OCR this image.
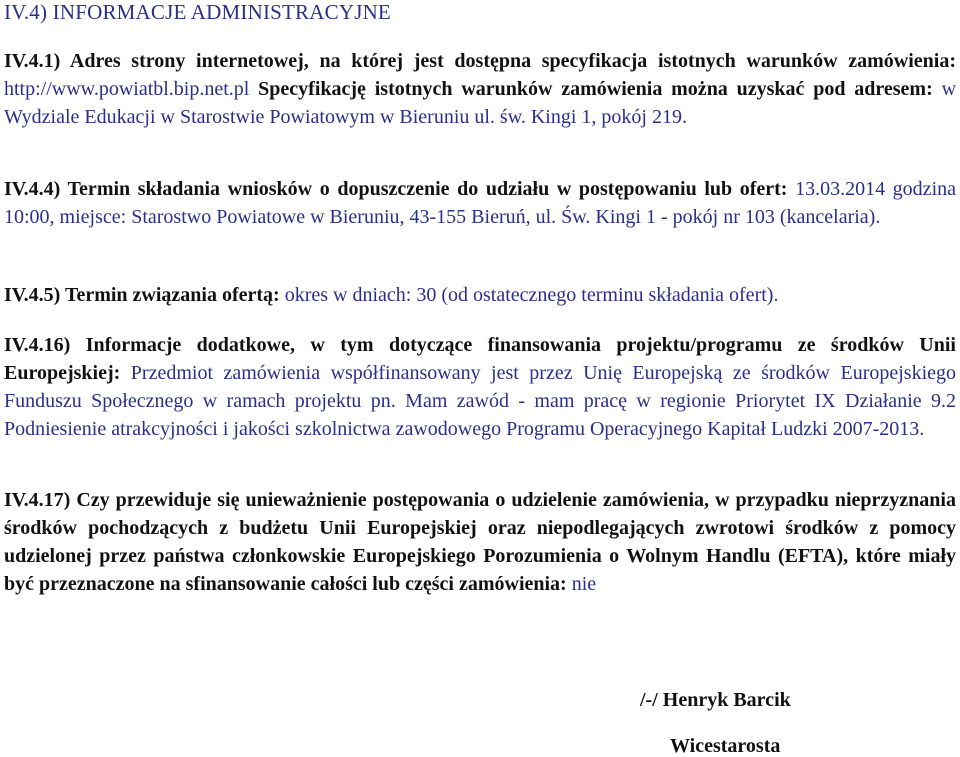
IV.4) INFORMACJE ADMINISTRACYJNE

IV.4.1) Adres strony internetowej, na której jest dostępna specyfikacja istotnych warunków zamówienia: http://www.powiatbl.bip.net.pl Specyfikację istotnych warunków zamówienia można uzyskać pod adresem: w Wydziale Edukacji w Starostwie Powiatowym w Bieruniu ul. św. Kingi 1, pokój 219.

IV.4.4) Termin składania wniosków o dopuszczenie do udziału w postępowaniu lub ofert: 13.03.2014 godzina 10:00, miejsce: Starostwo Powiatowe w Bieruniu, 43-155 Bieruń, ul. Św. Kingi 1 - pokój nr 103 (kancelaria).

IV.4.5) Termin związania ofertą: okres w dniach: 30 (od ostatecznego terminu składania ofert).

IV.4.16) Informacje dodatkowe, w tym dotyczące finansowania projektu/programu ze środków Unii Europejskiej: Przedmiot zamówienia współfinansowany jest przez Unię Europejską ze środków Europejskiego Funduszu Społecznego w ramach projektu pn. Mam zawód - mam pracę w regionie Priorytet IX Działanie 9.2 Podniesienie atrakcyjności i jakości szkolnictwa zawodowego Programu Operacyjnego Kapitał Ludzki 2007-2013.

IV.4.17) Czy przewiduje się unieważnienie postępowania o udzielenie zamówienia, w przypadku nieprzyznania środków pochodzących z budżetu Unii Europejskiej oraz niepodlegających zwrotowi środków z pomocy udzielonej przez państwa członkowskie Europejskiego Porozumienia o Wolnym Handlu (EFTA), które miały być przeznaczone na sfinansowanie całości lub części zamówienia: nie

/-/ Henryk Barcik
Wicestarosta
